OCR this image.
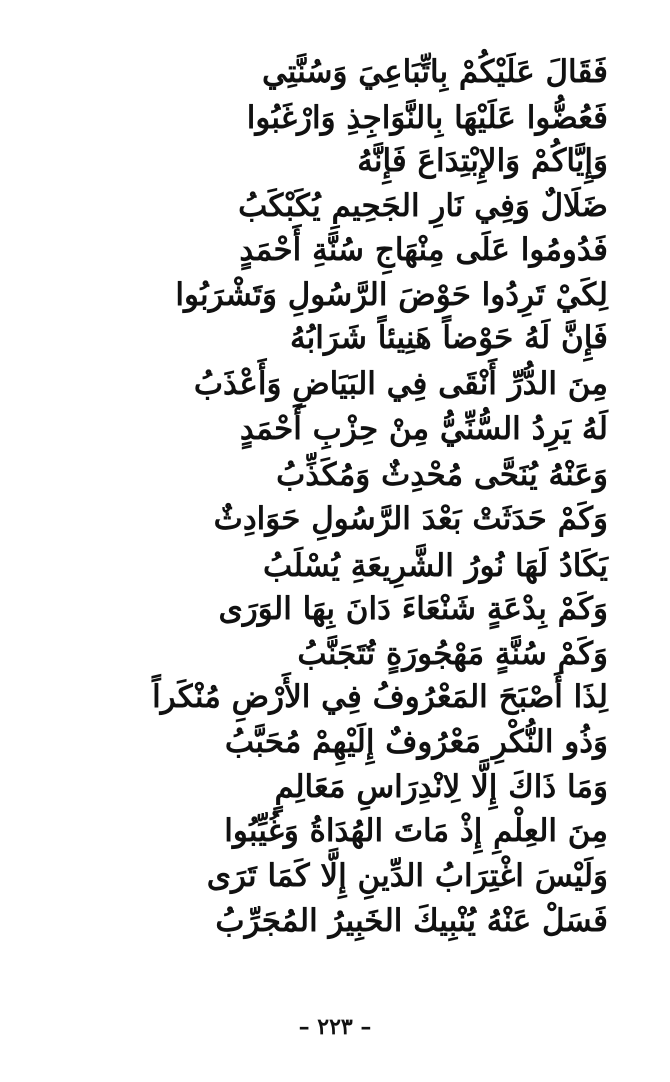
فَقَالَ عَلَيْكُمْ بِاتِّبَاعِيَ وَسُنَّتِي
فَعُضُّوا عَلَيْهَا بِالنَّوَاجِذِ وَارْغَبُوا
وَإِيَّاكُمْ وَالإِبْتِدَاعَ فَإِنَّهُ
ضَلَالٌ وَفِي نَارِ الجَحِيمِ يُكَبْكَبُ
فَدُومُوا عَلَى مِنْهَاجِ سُنَّةِ أَحْمَدٍ
لِكَيْ تَرِدُوا حَوْضَ الرَّسُولِ وَتَشْرَبُوا
فَإِنَّ لَهُ حَوْضاً هَنِيئاً شَرَابُهُ
مِنَ الدُّرِّ أَنْقَى فِي البَيَاضِ وَأَعْذَبُ
لَهُ يَرِدُ السُّنِّيُّ مِنْ حِزْبِ أَحْمَدٍ
وَعَنْهُ يُنَحَّى مُحْدِثٌ وَمُكَذِّبُ
وَكَمْ حَدَثَتْ بَعْدَ الرَّسُولِ حَوَادِثٌ
يَكَادُ لَهَا نُورُ الشَّرِيعَةِ يُسْلَبُ
وَكَمْ بِدْعَةٍ شَنْعَاءَ دَانَ بِهَا الوَرَى
وَكَمْ سُنَّةٍ مَهْجُورَةٍ تُتَجَنَّبُ
لِذَا أَصْبَحَ المَعْرُوفُ فِي الأَرْضِ مُنْكَراً
وَذُو النُّكْرِ مَعْرُوفٌ إِلَيْهِمْ مُحَبَّبُ
وَمَا ذَاكَ إِلَّا لِانْدِرَاسِ مَعَالِمٍ
مِنَ العِلْمِ إِذْ مَاتَ الهُدَاةُ وَغُيِّبُوا
وَلَيْسَ اغْتِرَابُ الدِّينِ إِلَّا كَمَا تَرَى
فَسَلْ عَنْهُ يُنْبِيكَ الخَبِيرُ المُجَرِّبُ
– ٢٢٣ –
